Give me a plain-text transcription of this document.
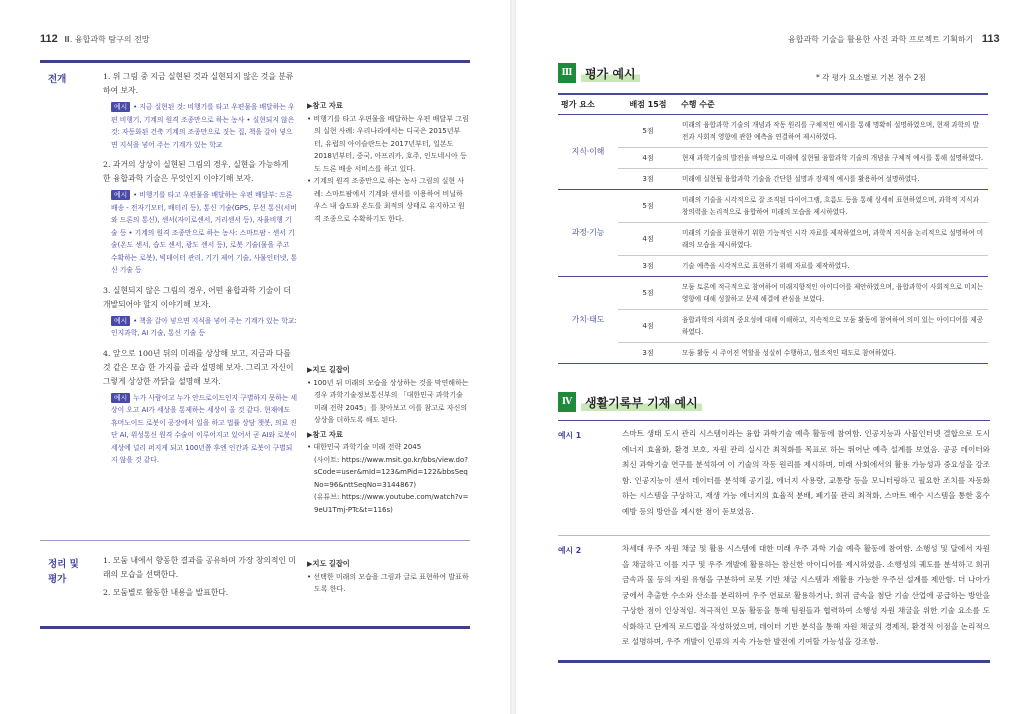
112 Ⅲ. 융합과학 탐구의 전망
전개	1. 위 그림 중 지금 실현된 것과 실현되지 않은 것을 분류하여 보자.
예시 • 지금 실현된 것: 비행기를 타고 우편물을 배달하는 우편 비행기, 기계의 원격 조종만으로 하는 농사 • 실현되지 않은 것: 자동화된 건축 기계의 조종만으로 짓는 집, 책을 갈아 넣으면 지식을 넣어 주는 기계가 있는 학교
2. 과거의 상상이 실현된 그림의 경우, 실현을 가능하게 한 융합과학 기술은 무엇인지 이야기해 보자.
예시 • 비행기를 타고 우편물을 배달하는 우편 배달부: 드론 배송 - 전자기모터, 배터리 등), 통신 기술(GPS, 무선 통신(서버와 드론의 통신), 센서(자이로센서, 거리센서 등), 자율비행 기술 등 • 기계의 원격 조종만으로 하는 농사: 스마트팜 - 센서 기술(온도 센서, 습도 센서, 광도 센서 등), 로봇 기술(물을 주고 수확하는 로봇), 빅데이터 관리, 기기 제어 기술, 사물인터넷, 통신 기술 등
3. 실현되지 않은 그림의 경우, 어떤 융합과학 기술이 더 개발되어야 할지 이야기해 보자.
예시 • 책을 갈아 넣으면 지식을 넣어 주는 기계가 있는 학교: 인지과학, AI 기술, 통신 기술 등
4. 앞으로 100년 뒤의 미래를 상상해 보고, 지금과 다를 것 같은 모습 한 가지를 골라 설명해 보자. 그리고 자신이 그렇게 상상한 까닭을 설명해 보자.
예시 누가 사람이고 누가 안드로이드인지 구별하지 못하는 세상이 오고 AI가 세상을 통제하는 세상이 올 것 같다. 현재에도 휴머노이드 로봇이 공장에서 일을 하고 법률 상담 챗봇, 의료 진단 AI, 위성통신 원격 수술이 이루어지고 있어서 곧 AI와 로봇이 세상에 널리 퍼지게 되고 100년쯤 후엔 인간과 로봇이 구별되지 않을 것 같다.
▶참고 자료
• 비행기를 타고 우편물을 배달하는 우편 배달부 그림의 실현 사례: 우리나라에서는 디국은 2015년부터, 유럽의 아이슬란드는 2017년부터, 일본도 2018년부터, 중국, 아프리카, 호주, 인도네시아 등도 드론 배송 서비스를 하고 있다.
• 기계의 원격 조종만으로 하는 농사 그림의 실현 사례: 스마트팜에서 기계와 센서를 이용하여 비닐하우스 내 습도와 온도를 최적의 상태로 유지하고 원격 조종으로 수확하기도 한다.
▶지도 길잡이
• 100년 뒤 미래의 모습을 상상하는 것을 막연해하는 경우 과학기술정보통신부의 「대한민국 과학기술 미래 전략 2045」를 찾아보고 이를 참고로 자신의 상상을 더하도록 해도 된다.
▶참고 자료
• 대한민국 과학기술 미래 전략 2045
(사이트: https://www.msit.go.kr/bbs/view.do?sCode=user&mId=123&mPid=122&bbsSeqNo=96&nttSeqNo=3144867)
(유튜브: https://www.youtube.com/watch?v=9eU1Tmj-PTc&t=116s)
정리 및
평가
1. 모둠 내에서 향동한 결과를 공유하며 가장 창의적인 미래의 모습을 선택한다.
2. 모둠별로 활동한 내용을 발표한다.
▶지도 길잡이
• 선택한 미래의 모습을 그림과 글로 표현하여 발표하도록 한다.
융합과학 기술을 활용한 사진 과학 프로젝트 기획하기 113
Ⅲ	평가 예시	* 각 평가 요소별로 기본 점수 2점
평가 요소	배점 15점	수행 수준
지식·이해	5점	미래의 융합과학 기술의 개념과 작동 원리를 구체적인 예시를 통해 명확히 설명하였으며, 현재 과학의 발전과 사회적 영향에 관한 예측을 연결하여 제시하였다.
	4점	현재 과학기술의 발전을 바탕으로 미래에 실현될 융합과학 기술의 개념을 구체적 예시를 통해 설명하였다.
	3점	미래에 실현될 융합과학 기술을 간단한 설명과 장재적 예시를 활용하여 설명하였다.
과정·기능	5점	미래의 기술을 시각적으로 잘 조직된 다이어그램, 흐름도 등을 통해 상세히 표현하였으며, 과학적 지식과 창의력을 논리적으로 융합하여 미래의 모습을 제시하였다.
	4점	미래의 기술을 표현하기 위한 기능적인 시각 자료를 제작하였으며, 과학적 지식을 논리적으로 설명하여 미래의 모습을 제시하였다.
	3점	기술 예측을 시각적으로 표현하기 위해 자료를 제작하였다.
가치·태도	5점	모둠 토론에 적극적으로 참여하여 미래지향적인 아이디어를 제안하였으며, 융합과학이 사회적으로 미치는 영향에 대해 성찰하고 문제 해결에 관심을 보였다.
	4점	융합과학의 사회적 중요성에 대해 이해하고, 지속적으로 모둠 활동에 참여하여 의미 있는 아이디어를 제공하였다.
	3점	모둠 활동 시 주어진 역할을 성실히 수행하고, 협조적인 태도로 참여하였다.
Ⅳ	생활기록부 기재 예시
예시 1	스마트 생태 도시 관리 시스템이라는 융합 과학기술 예측 활동에 참여함. 인공지능과 사물인터넷 결합으로 도시 에너지 효율화, 환경 보호, 자원 관리 실시간 최적화를 목표로 하는 뛰어난 예측 설계를 보였음. 공공 데이터와 최신 과학기술 연구를 분석하여 이 기술의 작동 원리를 제시하며, 미래 사회에서의 활용 가능성과 중요성을 강조함. 인공지능이 센서 데이터를 분석해 공기질, 에너지 사용량, 교통량 등을 모니터링하고 필요한 조치를 자동화하는 시스템을 구상하고, 재생 가능 에너지의 효율적 분배, 폐기물 관리 최적화, 스마트 배수 시스템을 통한 홍수 예방 등의 방안을 제시한 점이 돋보였음.
예시 2	차세대 우주 자원 채굴 및 활용 시스템에 대한 미래 우주 과학 기술 예측 활동에 참여함. 소행성 및 달에서 자원을 채굴하고 이를 지구 및 우주 개발에 활용하는 참신한 아이디어를 제시하였음. 소행성의 궤도를 분석하고 희귀 금속과 물 등의 자원 유형을 구분하여 로봇 기반 채굴 시스템과 재활용 가능한 우주선 설계를 제안함. 더 나아가 궁에서 추출한 수소와 산소를 분리하여 우주 연료로 활용하거나, 희귀 금속을 첨단 기술 산업에 공급하는 방안을 구상한 점이 인상적임. 적극적인 모둠 활동을 통해 팀원들과 협력하여 소행성 자원 채굴을 위한 기술 요소를 도식화하고 단계적 로드맵을 작성하였으며, 데이터 기반 분석을 통해 자원 채굴의 경제적, 환경적 이점을 논리적으로 설명하며, 우주 개발이 인류의 지속 가능한 발전에 기여할 가능성을 강조함.
